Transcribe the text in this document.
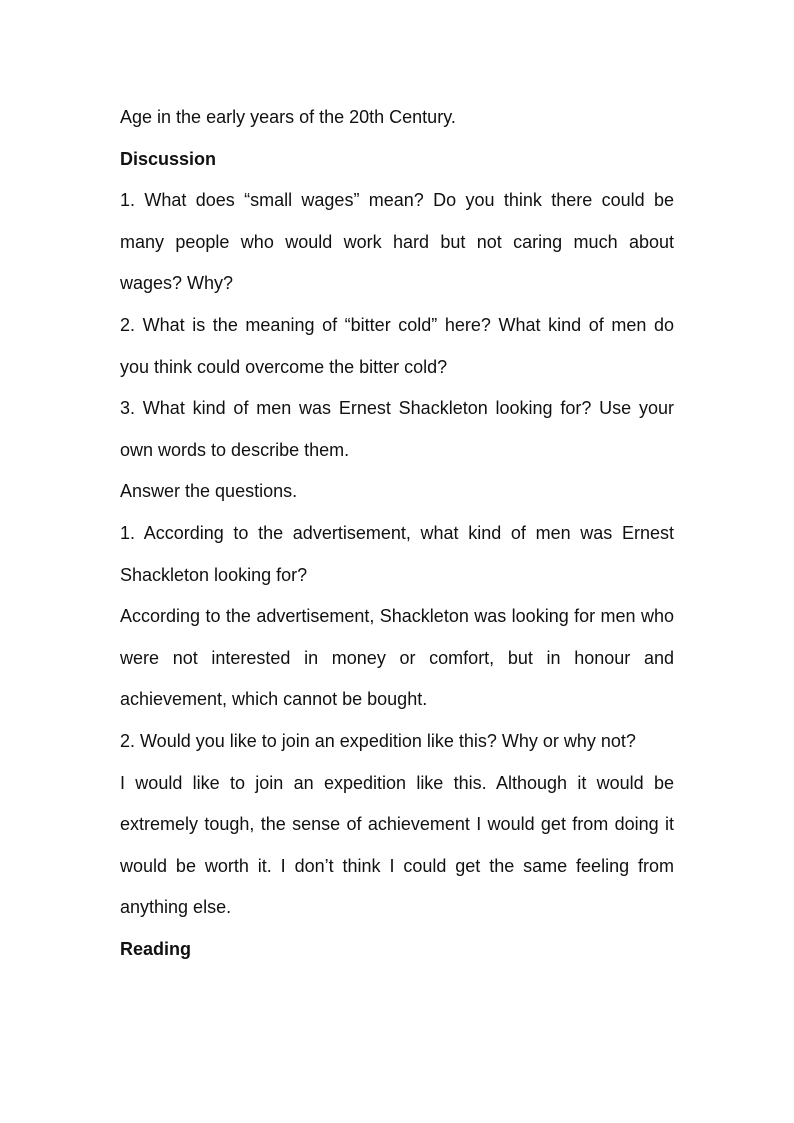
Age in the early years of the 20th Century.

Discussion

1. What does “small wages” mean? Do you think there could be many people who would work hard but not caring much about wages? Why?

2. What is the meaning of “bitter cold” here? What kind of men do you think could overcome the bitter cold?

3. What kind of men was Ernest Shackleton looking for? Use your own words to describe them.

Answer the questions.

1. According to the advertisement, what kind of men was Ernest Shackleton looking for?

According to the advertisement, Shackleton was looking for men who were not interested in money or comfort, but in honour and achievement, which cannot be bought.

2. Would you like to join an expedition like this? Why or why not?

I would like to join an expedition like this. Although it would be extremely tough, the sense of achievement I would get from doing it would be worth it. I don’t think I could get the same feeling from anything else.

Reading
